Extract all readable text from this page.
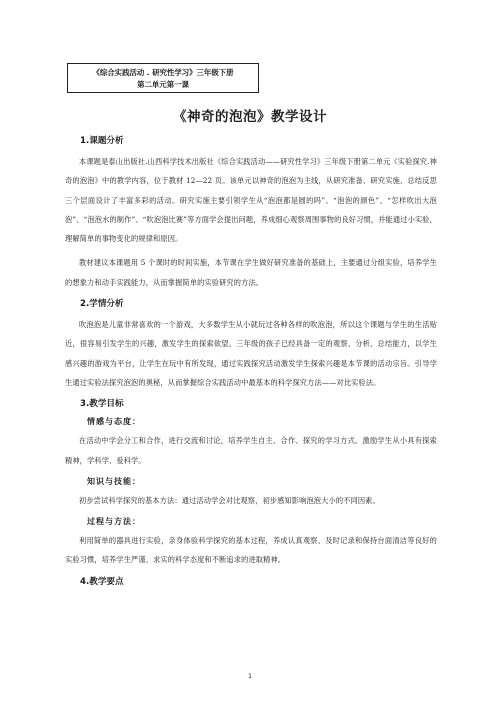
《综合实践活动 . 研究性学习》三年级下册
第二单元第一课
《神奇的泡泡》教学设计
1.课题分析

本课题是泰山出版社.山西科学技术出版社《综合实践活动——研究性学习》三年级下册第二单元《实验探究.神奇的泡泡》中的教学内容，位于教材 12—22 页。该单元以神奇的泡泡为主线，从研究准备、研究实施、总结反思三个层面设计了丰富多彩的活动。研究实施主要引领学生从“泡泡都是圆的吗”、“泡泡的颜色”、“怎样吹出大泡泡”、“泡泡水的制作”、“吹泡泡比赛”等方面学会提出问题，养成细心观察周围事物的良好习惯，并能通过小实验，理解简单的事物变化的规律和原因。

教材建议本课题用 5 个课时的时间实施，本节课在学生做好研究准备的基础上，主要通过分组实验，培养学生的想象力和动手实践能力，从而掌握简单的实验研究的方法。

2.学情分析

吹泡泡是儿童非常喜欢的一个游戏，大多数学生从小就玩过各种各样的吹泡泡，所以这个课题与学生的生活贴近，很容易引发学生的兴趣，激发学生的探索欲望。三年级的孩子已经具备一定的观察、分析、总结能力，以学生感兴趣的游戏为平台，让学生在玩中有所发现，通过实践探究活动激发学生探索兴趣是本节课的活动宗旨。引导学生通过实验法探究泡泡的奥秘，从而掌握综合实践活动中最基本的科学探究方法——对比实验法。

3.教学目标
情感与态度：

在活动中学会分工和合作，进行交流和讨论，培养学生自主、合作、探究的学习方式。激励学生从小具有探索精神，学科学、爱科学。

知识与技能：

初步尝试科学探究的基本方法：通过活动学会对比观察，初步感知影响泡泡大小的不同因素。

过程与方法：

利用简单的器具进行实验，亲身体验科学探究的基本过程，养成认真观察、及时记录和保持台面清洁等良好的实验习惯，培养学生严谨、求实的科学态度和不断追求的进取精神。

4.教学要点
1
